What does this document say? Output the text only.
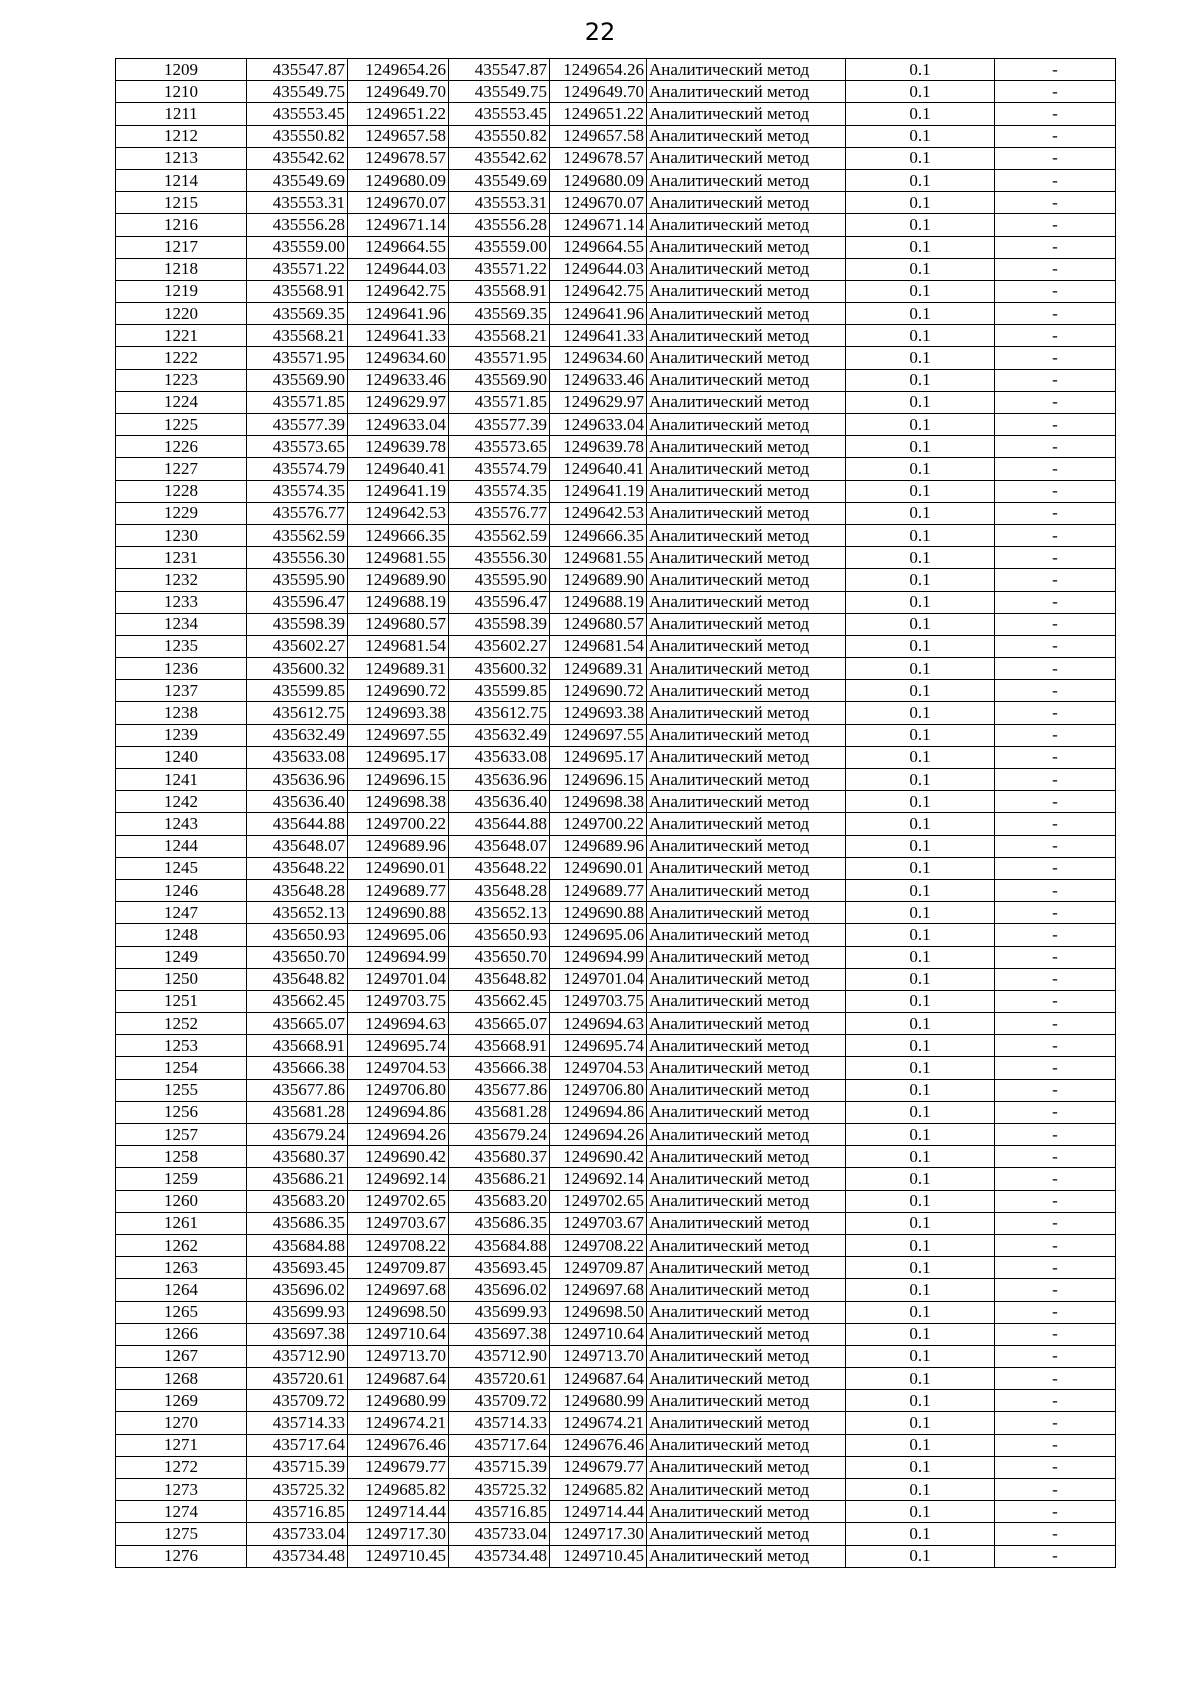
22
1209	435547.87	1249654.26	435547.87	1249654.26	Аналитический метод	0.1	-
1210	435549.75	1249649.70	435549.75	1249649.70	Аналитический метод	0.1	-
1211	435553.45	1249651.22	435553.45	1249651.22	Аналитический метод	0.1	-
1212	435550.82	1249657.58	435550.82	1249657.58	Аналитический метод	0.1	-
1213	435542.62	1249678.57	435542.62	1249678.57	Аналитический метод	0.1	-
1214	435549.69	1249680.09	435549.69	1249680.09	Аналитический метод	0.1	-
1215	435553.31	1249670.07	435553.31	1249670.07	Аналитический метод	0.1	-
1216	435556.28	1249671.14	435556.28	1249671.14	Аналитический метод	0.1	-
1217	435559.00	1249664.55	435559.00	1249664.55	Аналитический метод	0.1	-
1218	435571.22	1249644.03	435571.22	1249644.03	Аналитический метод	0.1	-
1219	435568.91	1249642.75	435568.91	1249642.75	Аналитический метод	0.1	-
1220	435569.35	1249641.96	435569.35	1249641.96	Аналитический метод	0.1	-
1221	435568.21	1249641.33	435568.21	1249641.33	Аналитический метод	0.1	-
1222	435571.95	1249634.60	435571.95	1249634.60	Аналитический метод	0.1	-
1223	435569.90	1249633.46	435569.90	1249633.46	Аналитический метод	0.1	-
1224	435571.85	1249629.97	435571.85	1249629.97	Аналитический метод	0.1	-
1225	435577.39	1249633.04	435577.39	1249633.04	Аналитический метод	0.1	-
1226	435573.65	1249639.78	435573.65	1249639.78	Аналитический метод	0.1	-
1227	435574.79	1249640.41	435574.79	1249640.41	Аналитический метод	0.1	-
1228	435574.35	1249641.19	435574.35	1249641.19	Аналитический метод	0.1	-
1229	435576.77	1249642.53	435576.77	1249642.53	Аналитический метод	0.1	-
1230	435562.59	1249666.35	435562.59	1249666.35	Аналитический метод	0.1	-
1231	435556.30	1249681.55	435556.30	1249681.55	Аналитический метод	0.1	-
1232	435595.90	1249689.90	435595.90	1249689.90	Аналитический метод	0.1	-
1233	435596.47	1249688.19	435596.47	1249688.19	Аналитический метод	0.1	-
1234	435598.39	1249680.57	435598.39	1249680.57	Аналитический метод	0.1	-
1235	435602.27	1249681.54	435602.27	1249681.54	Аналитический метод	0.1	-
1236	435600.32	1249689.31	435600.32	1249689.31	Аналитический метод	0.1	-
1237	435599.85	1249690.72	435599.85	1249690.72	Аналитический метод	0.1	-
1238	435612.75	1249693.38	435612.75	1249693.38	Аналитический метод	0.1	-
1239	435632.49	1249697.55	435632.49	1249697.55	Аналитический метод	0.1	-
1240	435633.08	1249695.17	435633.08	1249695.17	Аналитический метод	0.1	-
1241	435636.96	1249696.15	435636.96	1249696.15	Аналитический метод	0.1	-
1242	435636.40	1249698.38	435636.40	1249698.38	Аналитический метод	0.1	-
1243	435644.88	1249700.22	435644.88	1249700.22	Аналитический метод	0.1	-
1244	435648.07	1249689.96	435648.07	1249689.96	Аналитический метод	0.1	-
1245	435648.22	1249690.01	435648.22	1249690.01	Аналитический метод	0.1	-
1246	435648.28	1249689.77	435648.28	1249689.77	Аналитический метод	0.1	-
1247	435652.13	1249690.88	435652.13	1249690.88	Аналитический метод	0.1	-
1248	435650.93	1249695.06	435650.93	1249695.06	Аналитический метод	0.1	-
1249	435650.70	1249694.99	435650.70	1249694.99	Аналитический метод	0.1	-
1250	435648.82	1249701.04	435648.82	1249701.04	Аналитический метод	0.1	-
1251	435662.45	1249703.75	435662.45	1249703.75	Аналитический метод	0.1	-
1252	435665.07	1249694.63	435665.07	1249694.63	Аналитический метод	0.1	-
1253	435668.91	1249695.74	435668.91	1249695.74	Аналитический метод	0.1	-
1254	435666.38	1249704.53	435666.38	1249704.53	Аналитический метод	0.1	-
1255	435677.86	1249706.80	435677.86	1249706.80	Аналитический метод	0.1	-
1256	435681.28	1249694.86	435681.28	1249694.86	Аналитический метод	0.1	-
1257	435679.24	1249694.26	435679.24	1249694.26	Аналитический метод	0.1	-
1258	435680.37	1249690.42	435680.37	1249690.42	Аналитический метод	0.1	-
1259	435686.21	1249692.14	435686.21	1249692.14	Аналитический метод	0.1	-
1260	435683.20	1249702.65	435683.20	1249702.65	Аналитический метод	0.1	-
1261	435686.35	1249703.67	435686.35	1249703.67	Аналитический метод	0.1	-
1262	435684.88	1249708.22	435684.88	1249708.22	Аналитический метод	0.1	-
1263	435693.45	1249709.87	435693.45	1249709.87	Аналитический метод	0.1	-
1264	435696.02	1249697.68	435696.02	1249697.68	Аналитический метод	0.1	-
1265	435699.93	1249698.50	435699.93	1249698.50	Аналитический метод	0.1	-
1266	435697.38	1249710.64	435697.38	1249710.64	Аналитический метод	0.1	-
1267	435712.90	1249713.70	435712.90	1249713.70	Аналитический метод	0.1	-
1268	435720.61	1249687.64	435720.61	1249687.64	Аналитический метод	0.1	-
1269	435709.72	1249680.99	435709.72	1249680.99	Аналитический метод	0.1	-
1270	435714.33	1249674.21	435714.33	1249674.21	Аналитический метод	0.1	-
1271	435717.64	1249676.46	435717.64	1249676.46	Аналитический метод	0.1	-
1272	435715.39	1249679.77	435715.39	1249679.77	Аналитический метод	0.1	-
1273	435725.32	1249685.82	435725.32	1249685.82	Аналитический метод	0.1	-
1274	435716.85	1249714.44	435716.85	1249714.44	Аналитический метод	0.1	-
1275	435733.04	1249717.30	435733.04	1249717.30	Аналитический метод	0.1	-
1276	435734.48	1249710.45	435734.48	1249710.45	Аналитический метод	0.1	-
